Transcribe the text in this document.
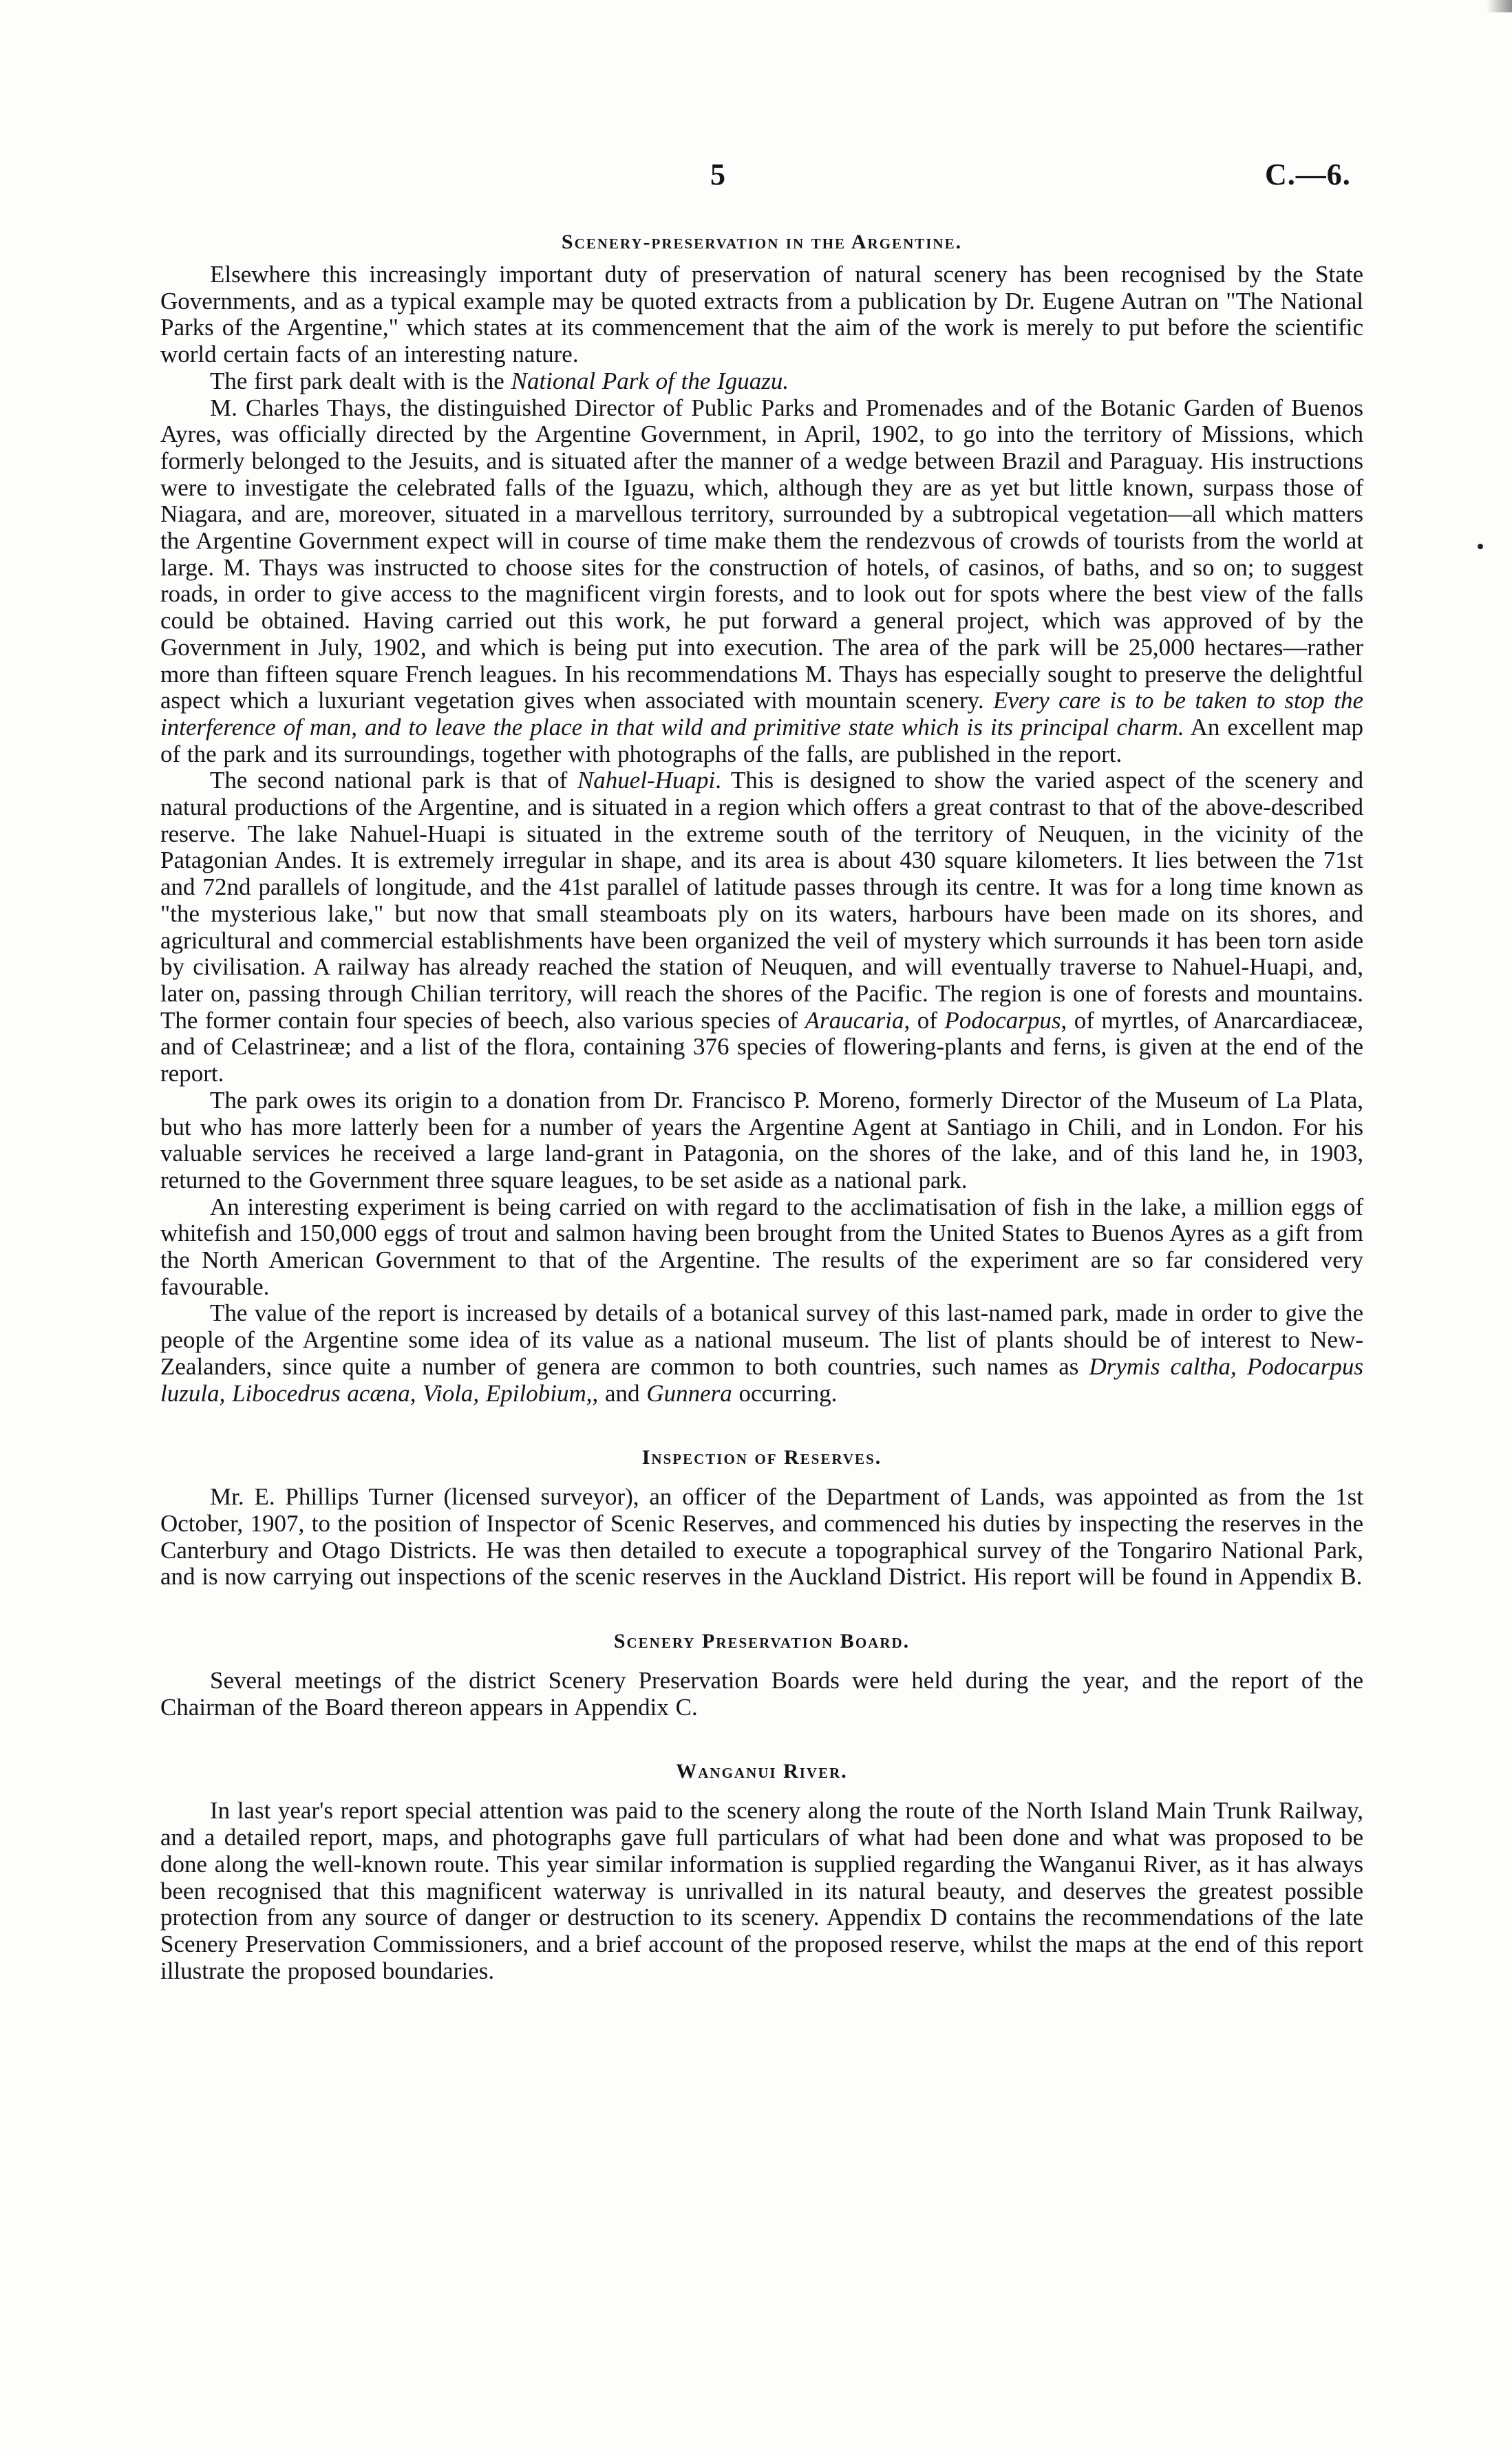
5	C.—6.
Scenery-preservation in the Argentine.

Elsewhere this increasingly important duty of preservation of natural scenery has been recognised by the State Governments, and as a typical example may be quoted extracts from a publication by Dr. Eugene Autran on "The National Parks of the Argentine," which states at its commencement that the aim of the work is merely to put before the scientific world certain facts of an interesting nature.

The first park dealt with is the National Park of the Iguazu.

M. Charles Thays, the distinguished Director of Public Parks and Promenades and of the Botanic Garden of Buenos Ayres, was officially directed by the Argentine Government, in April, 1902, to go into the territory of Missions, which formerly belonged to the Jesuits, and is situated after the manner of a wedge between Brazil and Paraguay. His instructions were to investigate the celebrated falls of the Iguazu, which, although they are as yet but little known, surpass those of Niagara, and are, moreover, situated in a marvellous territory, surrounded by a subtropical vegetation—all which matters the Argentine Government expect will in course of time make them the rendezvous of crowds of tourists from the world at large. M. Thays was instructed to choose sites for the construction of hotels, of casinos, of baths, and so on; to suggest roads, in order to give access to the magnificent virgin forests, and to look out for spots where the best view of the falls could be obtained. Having carried out this work, he put forward a general project, which was approved of by the Government in July, 1902, and which is being put into execution. The area of the park will be 25,000 hectares—rather more than fifteen square French leagues. In his recommendations M. Thays has especially sought to preserve the delightful aspect which a luxuriant vegetation gives when associated with mountain scenery. Every care is to be taken to stop the interference of man, and to leave the place in that wild and primitive state which is its principal charm. An excellent map of the park and its surroundings, together with photographs of the falls, are published in the report.

The second national park is that of Nahuel-Huapi. This is designed to show the varied aspect of the scenery and natural productions of the Argentine, and is situated in a region which offers a great contrast to that of the above-described reserve. The lake Nahuel-Huapi is situated in the extreme south of the territory of Neuquen, in the vicinity of the Patagonian Andes. It is extremely irregular in shape, and its area is about 430 square kilometers. It lies between the 71st and 72nd parallels of longitude, and the 41st parallel of latitude passes through its centre. It was for a long time known as "the mysterious lake," but now that small steamboats ply on its waters, harbours have been made on its shores, and agricultural and commercial establishments have been organized the veil of mystery which surrounds it has been torn aside by civilisation. A railway has already reached the station of Neuquen, and will eventually traverse to Nahuel-Huapi, and, later on, passing through Chilian territory, will reach the shores of the Pacific. The region is one of forests and mountains. The former contain four species of beech, also various species of Araucaria, of Podocarpus, of myrtles, of Anarcardiaceæ, and of Celastrineæ; and a list of the flora, containing 376 species of flowering-plants and ferns, is given at the end of the report.

The park owes its origin to a donation from Dr. Francisco P. Moreno, formerly Director of the Museum of La Plata, but who has more latterly been for a number of years the Argentine Agent at Santiago in Chili, and in London. For his valuable services he received a large land-grant in Patagonia, on the shores of the lake, and of this land he, in 1903, returned to the Government three square leagues, to be set aside as a national park.

An interesting experiment is being carried on with regard to the acclimatisation of fish in the lake, a million eggs of whitefish and 150,000 eggs of trout and salmon having been brought from the United States to Buenos Ayres as a gift from the North American Government to that of the Argentine. The results of the experiment are so far considered very favourable.

The value of the report is increased by details of a botanical survey of this last-named park, made in order to give the people of the Argentine some idea of its value as a national museum. The list of plants should be of interest to New-Zealanders, since quite a number of genera are common to both countries, such names as Drymis caltha, Podocarpus luzula, Libocedrus acæna, Viola, Epilobium,, and Gunnera occurring.

Inspection of Reserves.

Mr. E. Phillips Turner (licensed surveyor), an officer of the Department of Lands, was appointed as from the 1st October, 1907, to the position of Inspector of Scenic Reserves, and commenced his duties by inspecting the reserves in the Canterbury and Otago Districts. He was then detailed to execute a topographical survey of the Tongariro National Park, and is now carrying out inspections of the scenic reserves in the Auckland District. His report will be found in Appendix B.

Scenery Preservation Board.

Several meetings of the district Scenery Preservation Boards were held during the year, and the report of the Chairman of the Board thereon appears in Appendix C.

Wanganui River.

In last year's report special attention was paid to the scenery along the route of the North Island Main Trunk Railway, and a detailed report, maps, and photographs gave full particulars of what had been done and what was proposed to be done along the well-known route. This year similar information is supplied regarding the Wanganui River, as it has always been recognised that this magnificent waterway is unrivalled in its natural beauty, and deserves the greatest possible protection from any source of danger or destruction to its scenery. Appendix D contains the recommendations of the late Scenery Preservation Commissioners, and a brief account of the proposed reserve, whilst the maps at the end of this report illustrate the proposed boundaries.
